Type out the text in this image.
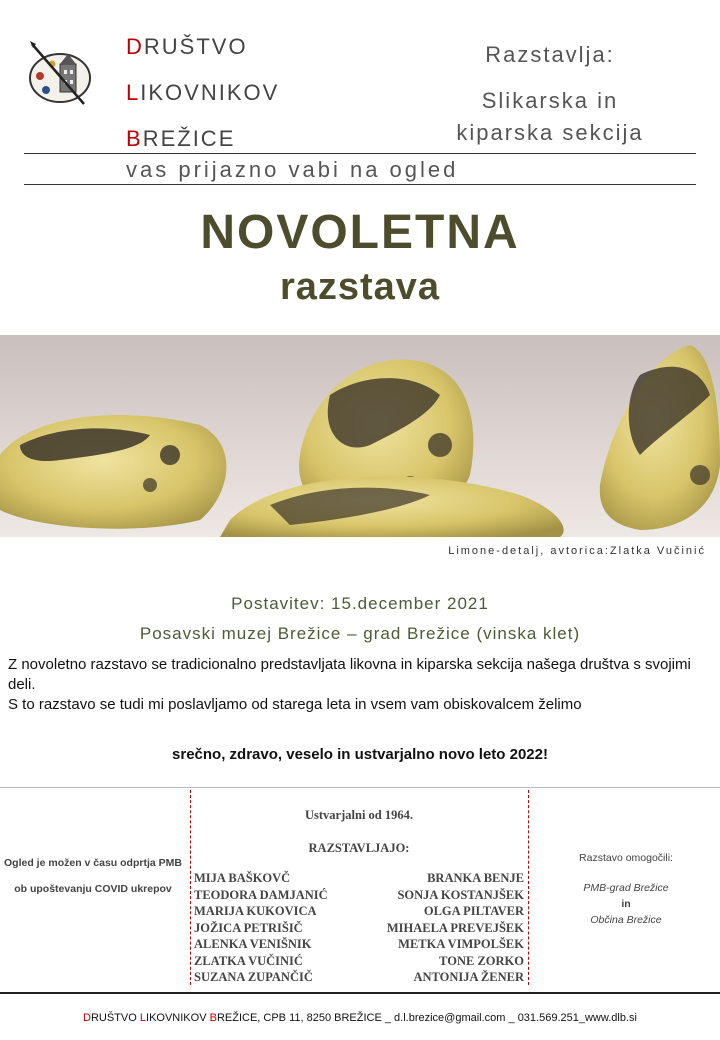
DRUŠTVO
LIKOVNIKOV
BREŽICE
Razstavlja:
Slikarska in
kiparska sekcija
vas prijazno vabi na ogled
NOVOLETNA
razstava
Limone-detalj, avtorica:Zlatka Vučinić
Postavitev: 15.december 2021
Posavski muzej Brežice – grad Brežice (vinska klet)
Z novoletno razstavo se tradicionalno predstavljata likovna in kiparska sekcija našega društva s svojimi deli.
S to razstavo se tudi mi poslavljamo od starega leta in vsem vam obiskovalcem želimo
srečno, zdravo, veselo in ustvarjalno novo leto 2022!
Ogled je možen v času odprtja PMB
ob upoštevanju COVID ukrepov
Ustvarjalni od 1964.
RAZSTAVLJAJO:
MIJA BAŠKOVČ
TEODORA DAMJANIĆ
MARIJA KUKOVICA
JOŽICA PETRIŠIČ
ALENKA VENIŠNIK
ZLATKA VUČINIĆ
SUZANA ZUPANČIČ
BRANKA BENJE
SONJA KOSTANJŠEK
OLGA PILTAVER
MIHAELA PREVEJŠEK
METKA VIMPOLŠEK
TONE ZORKO
ANTONIJA ŽENER
Razstavo omogočili:
PMB-grad Brežice
in
Občina Brežice
DRUŠTVO LIKOVNIKOV BREŽICE, CPB 11, 8250 BREŽICE _ d.l.brezice@gmail.com _ 031.569.251_www.dlb.si
